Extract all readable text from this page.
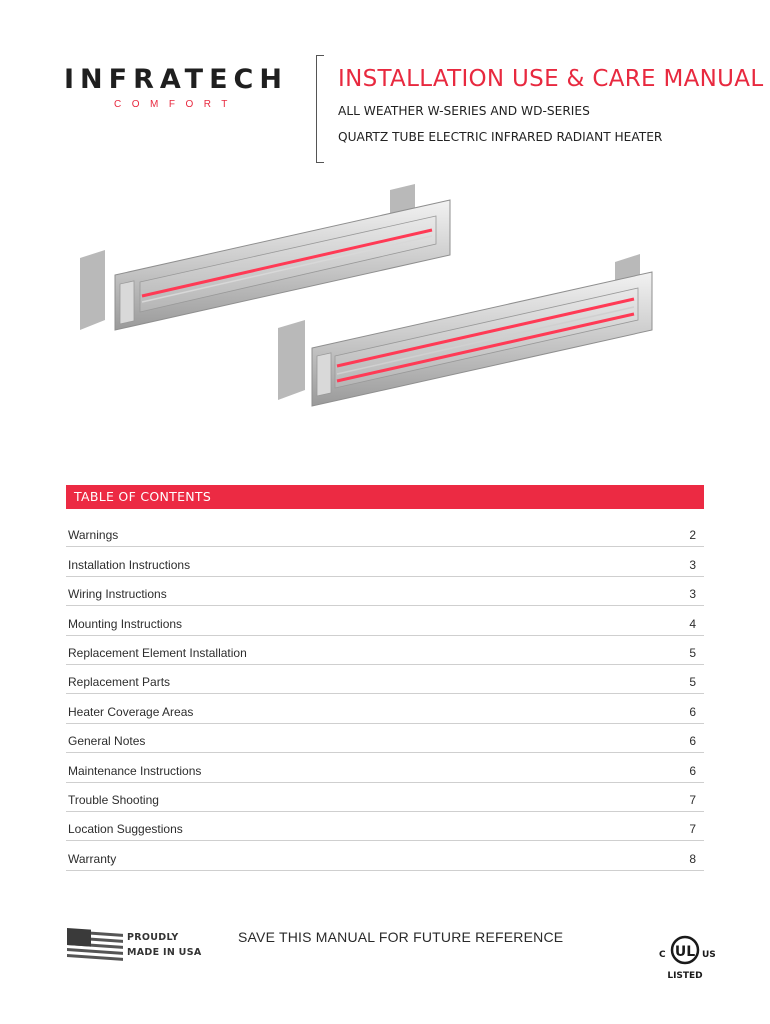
INFRATECH
COMFORT
INSTALLATION USE & CARE MANUAL
ALL WEATHER W-SERIES AND WD-SERIES
QUARTZ TUBE ELECTRIC INFRARED RADIANT HEATER
TABLE OF CONTENTS
Warnings	2
Installation Instructions	3
Wiring Instructions	3
Mounting Instructions	4
Replacement Element Installation	5
Replacement Parts	5
Heater Coverage Areas	6
General Notes	6
Maintenance Instructions	6
Trouble Shooting	7
Location Suggestions	7
Warranty	8
PROUDLY
MADE IN USA
SAVE THIS MANUAL FOR FUTURE REFERENCE
UL
C	US
LISTED
